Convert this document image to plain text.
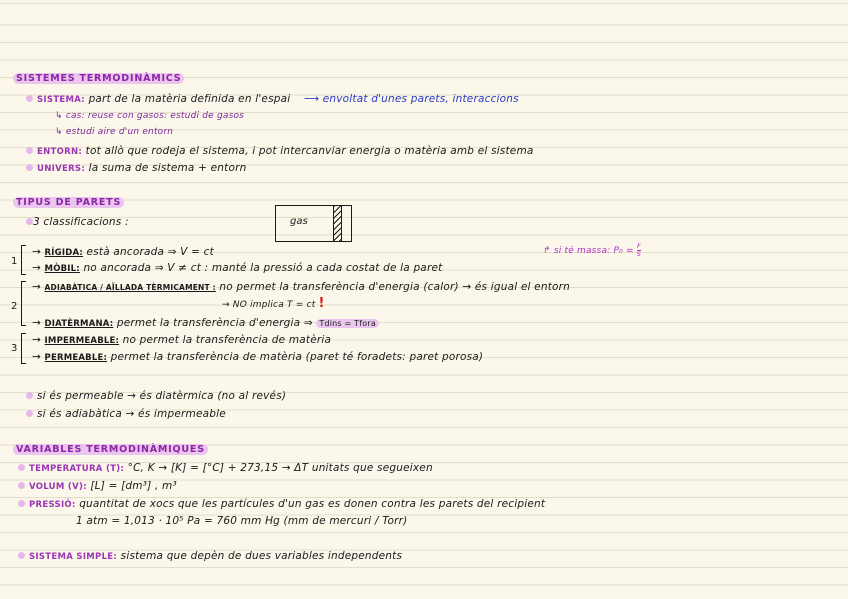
SISTEMES TERMODINÀMICS
SISTEMA: part de la matèria definida en l'espai ⟶ envoltat d'unes parets, interaccions
↳ cas: reuse con gasos: estudi de gasos
↳ estudi aire d'un entorn
ENTORN: tot allò que rodeja el sistema, i pot intercanviar energia o matèria amb el sistema
UNIVERS: la suma de sistema + entorn
TIPUS DE PARETS
3 classificacions :	gas
1
→ RÍGIDA: està ancorada ⇒ V = ct	↱ si té massa: $P_0 = \frac{F}{S}$
→ MÒBIL: no ancorada ⇒ V ≠ ct : manté la pressió a cada costat de la paret
2
→ ADIABÀTICA / AÏLLADA TÈRMICAMENT : no permet la transferència d'energia (calor) → és igual el entorn
→ NO implica T = ct !
→ DIATÈRMANA: permet la transferència d'energia ⇒ Tdins = Tfora
3
→ IMPERMEABLE: no permet la transferència de matèria
→ PERMEABLE: permet la transferència de matèria (paret té foradets: paret porosa)
si és permeable → és diatèrmica (no al revés)
si és adiabàtica → és impermeable
VARIABLES TERMODINÀMIQUES
TEMPERATURA (T): °C, K → [K] = [°C] + 273,15 → ΔT unitats que segueixen
VOLUM (V): [L] = [dm³] , m³
PRESSIÓ: quantitat de xocs que les partícules d'un gas es donen contra les parets del recipient
1 atm = 1,013 · 10⁵ Pa = 760 mm Hg (mm de mercuri / Torr)
SISTEMA SIMPLE: sistema que depèn de dues variables independents
